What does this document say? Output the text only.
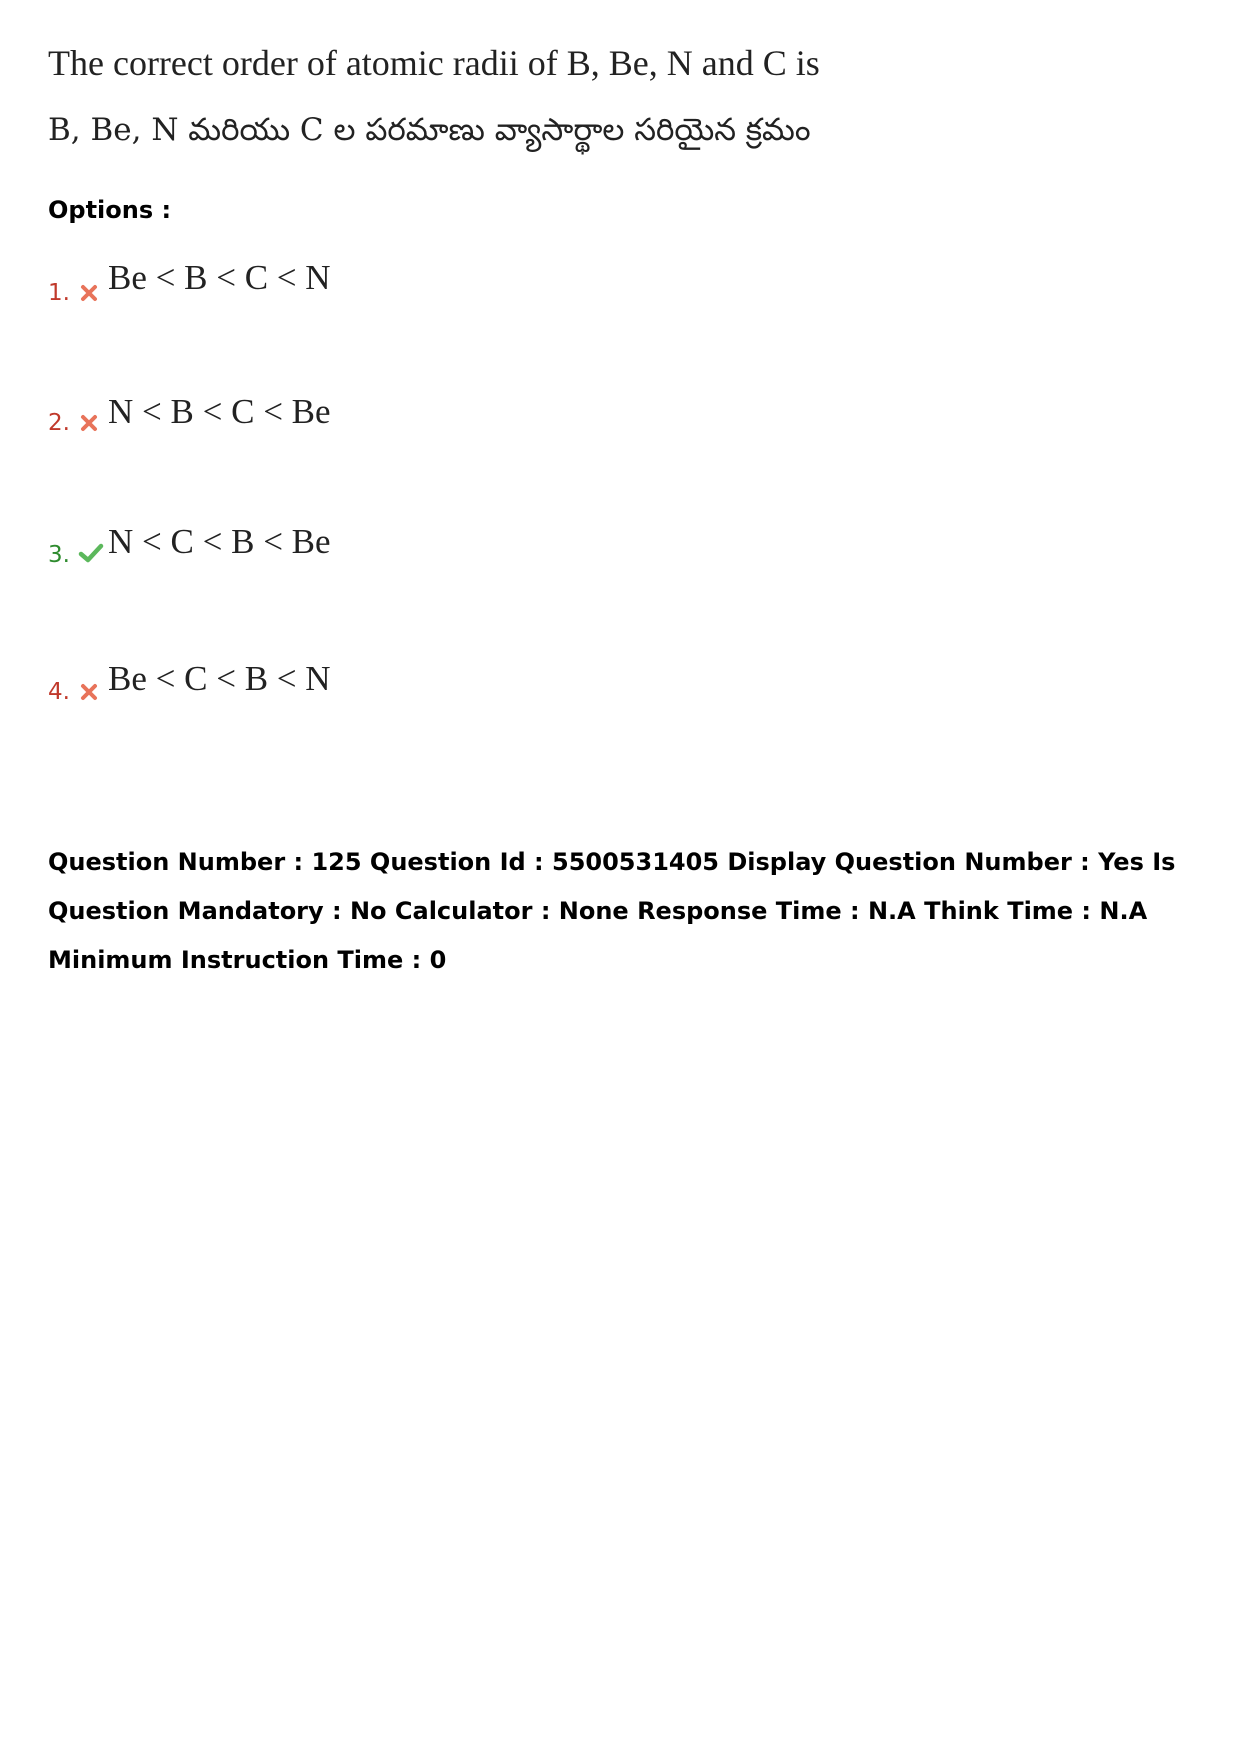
The correct order of atomic radii of B, Be, N and C is
B, Be, N మరియు C ల పరమాణు వ్యాసార్థాల సరియైన క్రమం
Options :
1. Be < B < C < N
2. N < B < C < Be
3. N < C < B < Be
4. Be < C < B < N
Question Number : 125 Question Id : 5500531405 Display Question Number : Yes Is Question Mandatory : No Calculator : None Response Time : N.A Think Time : N.A Minimum Instruction Time : 0
